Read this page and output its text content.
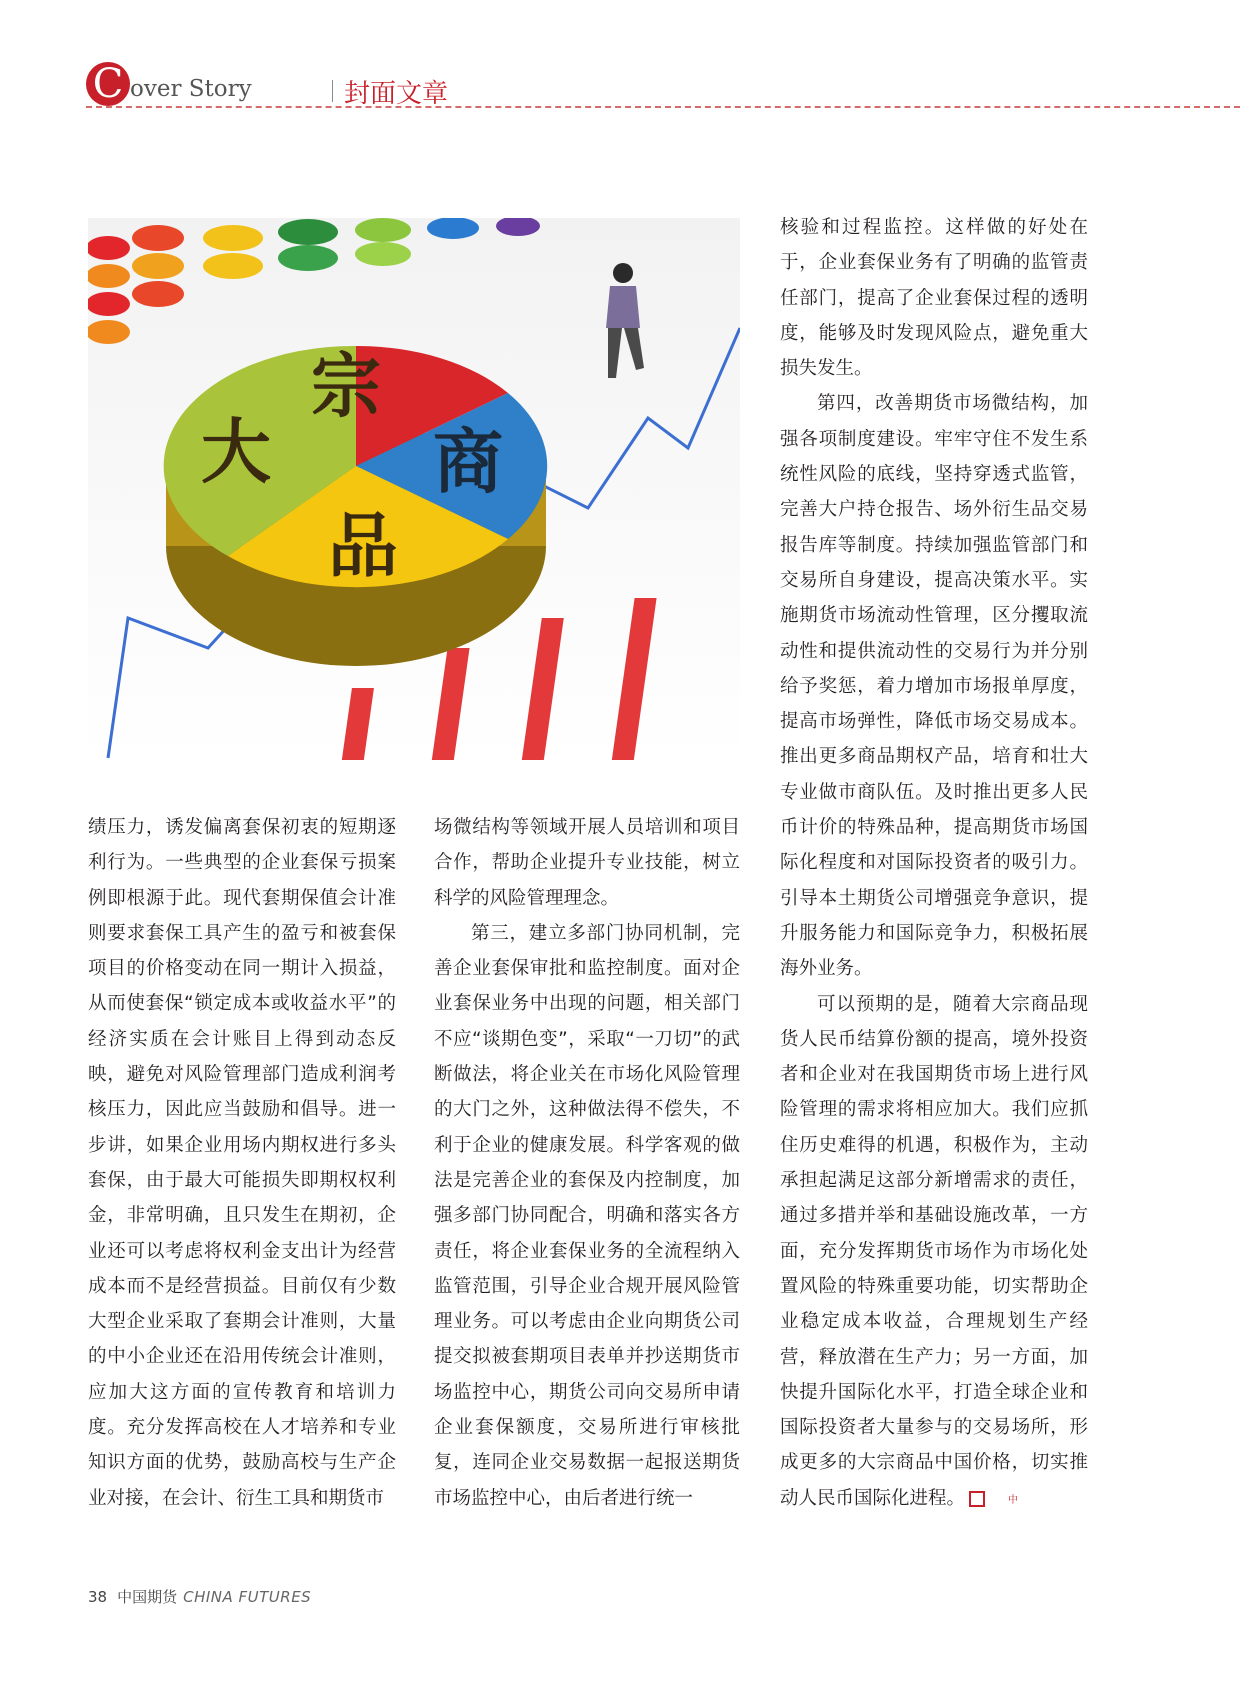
C over Story	封面文章
宗
商
品
大

绩压力，诱发偏离套保初衷的短期逐利行为。一些典型的企业套保亏损案例即根源于此。现代套期保值会计准则要求套保工具产生的盈亏和被套保项目的价格变动在同一期计入损益，从而使套保“锁定成本或收益水平”的经济实质在会计账目上得到动态反映，避免对风险管理部门造成利润考核压力，因此应当鼓励和倡导。进一步讲，如果企业用场内期权进行多头套保，由于最大可能损失即期权权利金，非常明确，且只发生在期初，企业还可以考虑将权利金支出计为经营成本而不是经营损益。目前仅有少数大型企业采取了套期会计准则，大量的中小企业还在沿用传统会计准则，应加大这方面的宣传教育和培训力度。充分发挥高校在人才培养和专业知识方面的优势，鼓励高校与生产企业对接，在会计、衍生工具和期货市

场微结构等领域开展人员培训和项目合作，帮助企业提升专业技能，树立科学的风险管理理念。

第三，建立多部门协同机制，完善企业套保审批和监控制度。面对企业套保业务中出现的问题，相关部门不应“谈期色变”，采取“一刀切”的武断做法，将企业关在市场化风险管理的大门之外，这种做法得不偿失，不利于企业的健康发展。科学客观的做法是完善企业的套保及内控制度，加强多部门协同配合，明确和落实各方责任，将企业套保业务的全流程纳入监管范围，引导企业合规开展风险管理业务。可以考虑由企业向期货公司提交拟被套期项目表单并抄送期货市场监控中心，期货公司向交易所申请企业套保额度，交易所进行审核批复，连同企业交易数据一起报送期货市场监控中心，由后者进行统一

核验和过程监控。这样做的好处在于，企业套保业务有了明确的监管责任部门，提高了企业套保过程的透明度，能够及时发现风险点，避免重大损失发生。

第四，改善期货市场微结构，加强各项制度建设。牢牢守住不发生系统性风险的底线，坚持穿透式监管，完善大户持仓报告、场外衍生品交易报告库等制度。持续加强监管部门和交易所自身建设，提高决策水平。实施期货市场流动性管理，区分攫取流动性和提供流动性的交易行为并分别给予奖惩，着力增加市场报单厚度，提高市场弹性，降低市场交易成本。推出更多商品期权产品，培育和壮大专业做市商队伍。及时推出更多人民币计价的特殊品种，提高期货市场国际化程度和对国际投资者的吸引力。引导本土期货公司增强竞争意识，提升服务能力和国际竞争力，积极拓展海外业务。

可以预期的是，随着大宗商品现货人民币结算份额的提高，境外投资者和企业对在我国期货市场上进行风险管理的需求将相应加大。我们应抓住历史难得的机遇，积极作为，主动承担起满足这部分新增需求的责任，通过多措并举和基础设施改革，一方面，充分发挥期货市场作为市场化处置风险的特殊重要功能，切实帮助企业稳定成本收益，合理规划生产经营，释放潜在生产力；另一方面，加快提升国际化水平，打造全球企业和国际投资者大量参与的交易场所，形成更多的大宗商品中国价格，切实推动人民币国际化进程。	中

38 中国期货 CHINA FUTURES
